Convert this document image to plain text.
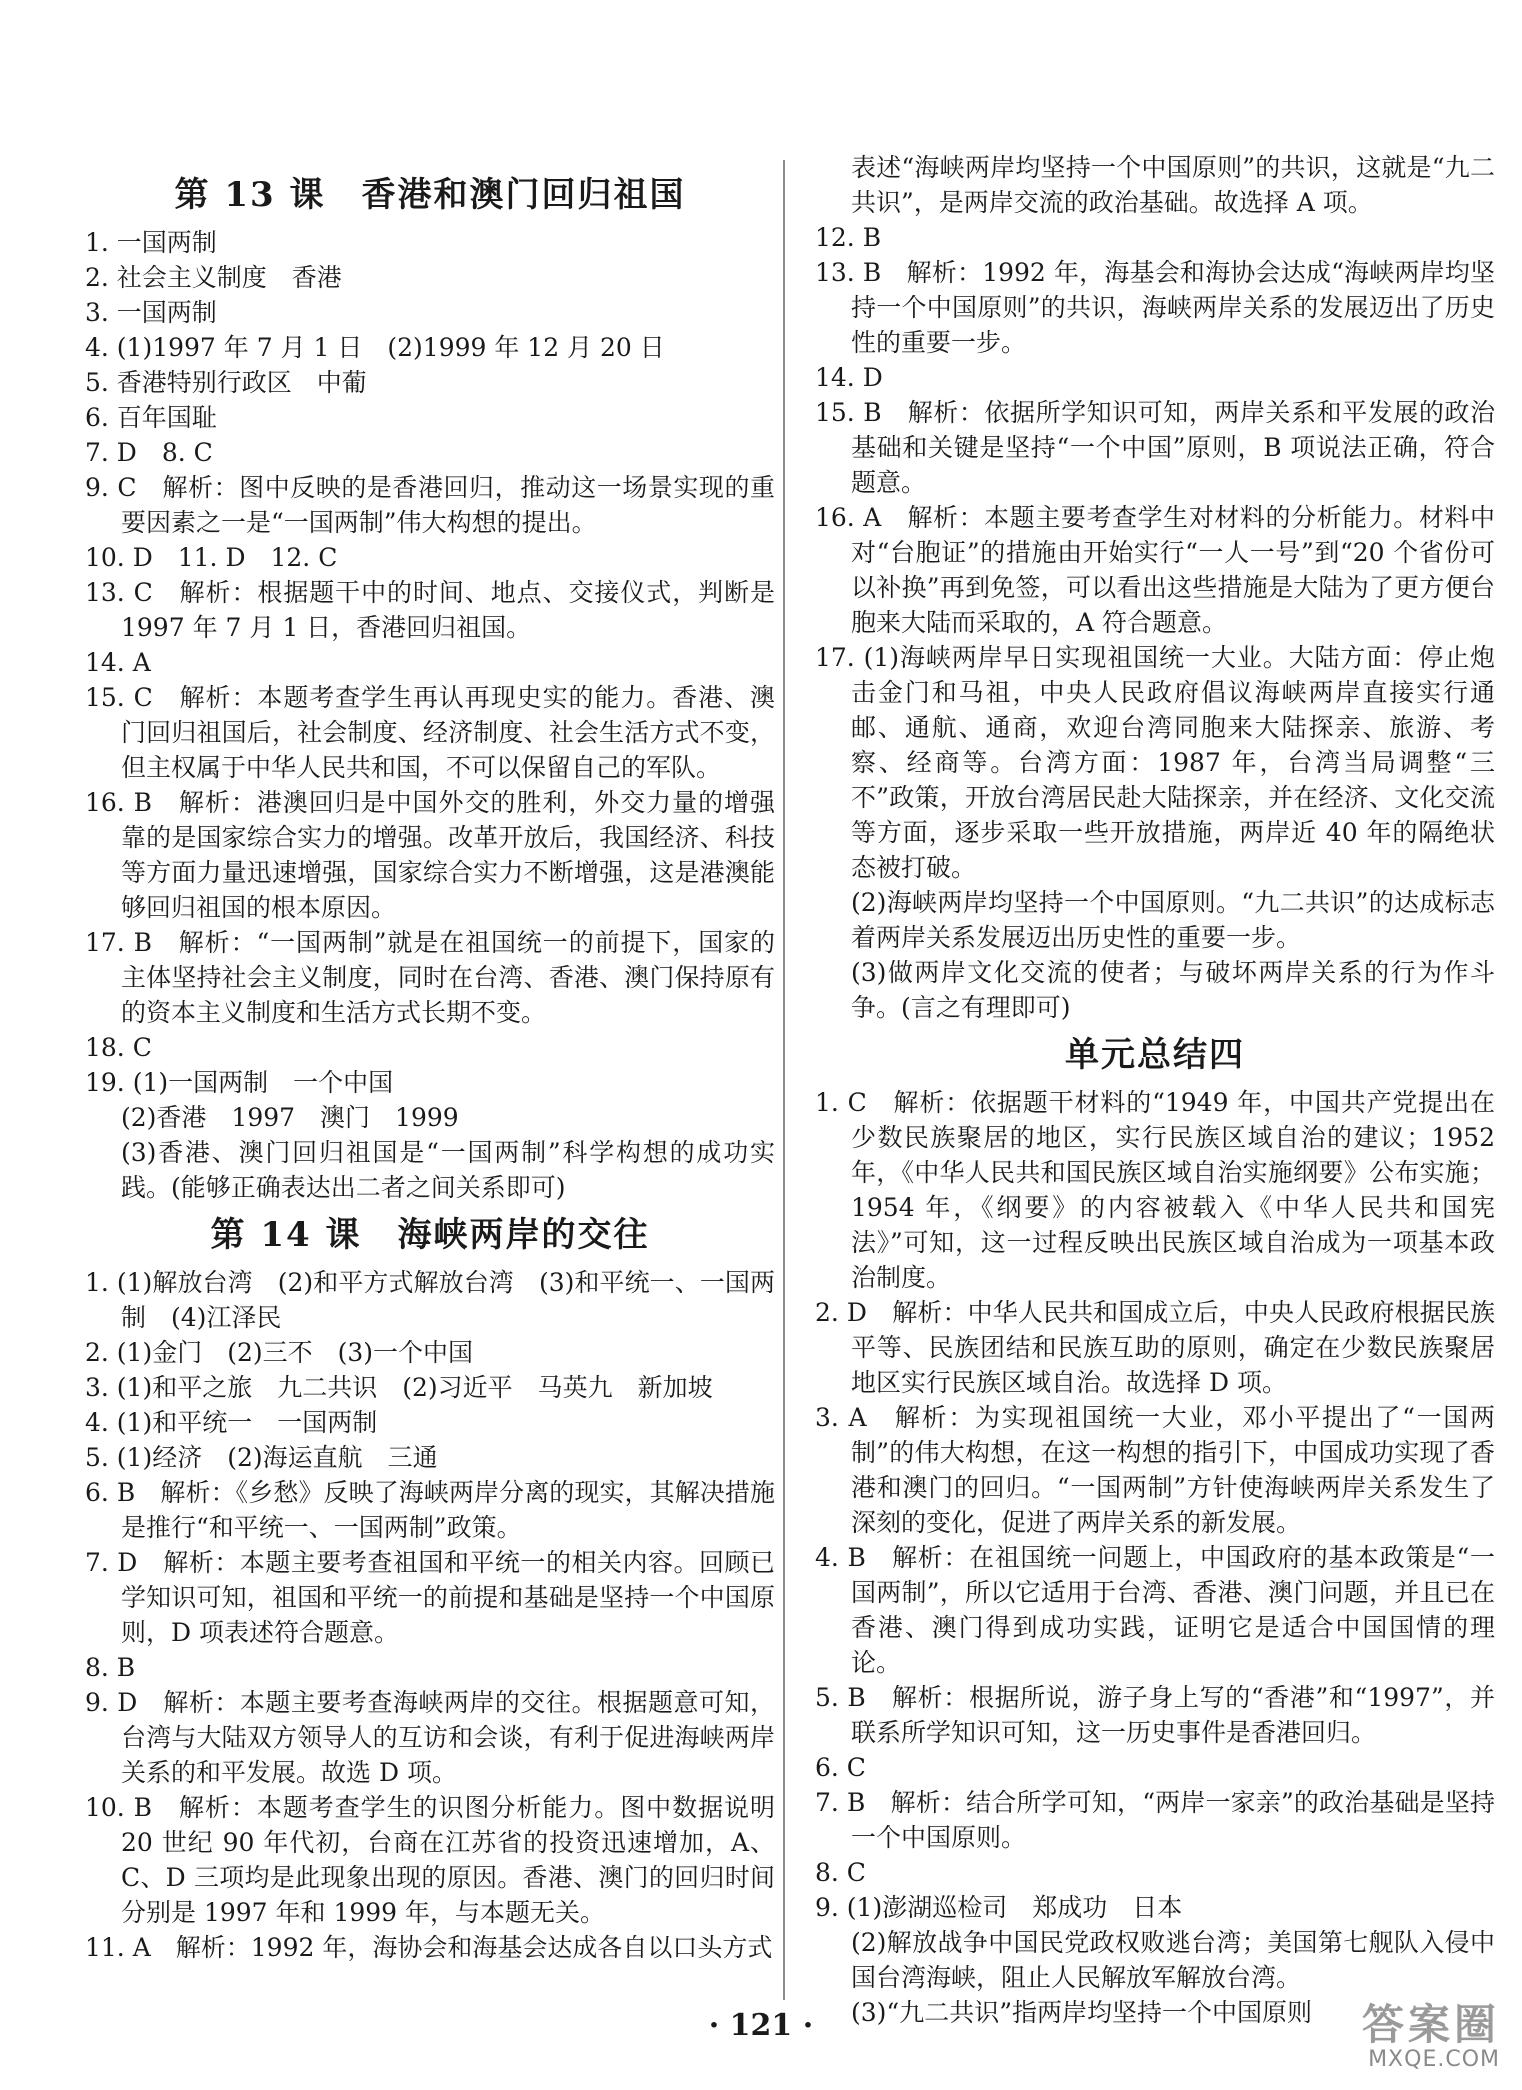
第 13 课　香港和澳门回归祖国

1. 一国两制

2. 社会主义制度　香港

3. 一国两制

4. (1)1997 年 7 月 1 日　(2)1999 年 12 月 20 日

5. 香港特别行政区　中葡

6. 百年国耻

7. D　8. C

9. C　解析：图中反映的是香港回归，推动这一场景实现的重要因素之一是“一国两制”伟大构想的提出。

10. D　11. D　12. C

13. C　解析：根据题干中的时间、地点、交接仪式，判断是 1997 年 7 月 1 日，香港回归祖国。

14. A

15. C　解析：本题考查学生再认再现史实的能力。香港、澳门回归祖国后，社会制度、经济制度、社会生活方式不变，但主权属于中华人民共和国，不可以保留自己的军队。

16. B　解析：港澳回归是中国外交的胜利，外交力量的增强靠的是国家综合实力的增强。改革开放后，我国经济、科技等方面力量迅速增强，国家综合实力不断增强，这是港澳能够回归祖国的根本原因。

17. B　解析：“一国两制”就是在祖国统一的前提下，国家的主体坚持社会主义制度，同时在台湾、香港、澳门保持原有的资本主义制度和生活方式长期不变。

18. C

19. (1)一国两制　一个中国

(2)香港　1997　澳门　1999

(3)香港、澳门回归祖国是“一国两制”科学构想的成功实践。(能够正确表达出二者之间关系即可)

第 14 课　海峡两岸的交往

1. (1)解放台湾　(2)和平方式解放台湾　(3)和平统一、一国两制　(4)江泽民

2. (1)金门　(2)三不　(3)一个中国

3. (1)和平之旅　九二共识　(2)习近平　马英九　新加坡

4. (1)和平统一　一国两制

5. (1)经济　(2)海运直航　三通

6. B　解析：《乡愁》反映了海峡两岸分离的现实，其解决措施是推行“和平统一、一国两制”政策。

7. D　解析：本题主要考查祖国和平统一的相关内容。回顾已学知识可知，祖国和平统一的前提和基础是坚持一个中国原则，D 项表述符合题意。

8. B

9. D　解析：本题主要考查海峡两岸的交往。根据题意可知，台湾与大陆双方领导人的互访和会谈，有利于促进海峡两岸关系的和平发展。故选 D 项。

10. B　解析：本题考查学生的识图分析能力。图中数据说明 20 世纪 90 年代初，台商在江苏省的投资迅速增加，A、C、D 三项均是此现象出现的原因。香港、澳门的回归时间分别是 1997 年和 1999 年，与本题无关。

11. A　解析：1992 年，海协会和海基会达成各自以口头方式

表述“海峡两岸均坚持一个中国原则”的共识，这就是“九二共识”，是两岸交流的政治基础。故选择 A 项。

12. B

13. B　解析：1992 年，海基会和海协会达成“海峡两岸均坚持一个中国原则”的共识，海峡两岸关系的发展迈出了历史性的重要一步。

14. D

15. B　解析：依据所学知识可知，两岸关系和平发展的政治基础和关键是坚持“一个中国”原则，B 项说法正确，符合题意。

16. A　解析：本题主要考查学生对材料的分析能力。材料中对“台胞证”的措施由开始实行“一人一号”到“20 个省份可以补换”再到免签，可以看出这些措施是大陆为了更方便台胞来大陆而采取的，A 符合题意。

17. (1)海峡两岸早日实现祖国统一大业。大陆方面：停止炮击金门和马祖，中央人民政府倡议海峡两岸直接实行通邮、通航、通商，欢迎台湾同胞来大陆探亲、旅游、考察、经商等。台湾方面：1987 年，台湾当局调整“三不”政策，开放台湾居民赴大陆探亲，并在经济、文化交流等方面，逐步采取一些开放措施，两岸近 40 年的隔绝状态被打破。

(2)海峡两岸均坚持一个中国原则。“九二共识”的达成标志着两岸关系发展迈出历史性的重要一步。

(3)做两岸文化交流的使者；与破坏两岸关系的行为作斗争。(言之有理即可)

单元总结四

1. C　解析：依据题干材料的“1949 年，中国共产党提出在少数民族聚居的地区，实行民族区域自治的建议；1952 年，《中华人民共和国民族区域自治实施纲要》公布实施；1954 年，《纲要》的内容被载入《中华人民共和国宪法》”可知，这一过程反映出民族区域自治成为一项基本政治制度。

2. D　解析：中华人民共和国成立后，中央人民政府根据民族平等、民族团结和民族互助的原则，确定在少数民族聚居地区实行民族区域自治。故选择 D 项。

3. A　解析：为实现祖国统一大业，邓小平提出了“一国两制”的伟大构想，在这一构想的指引下，中国成功实现了香港和澳门的回归。“一国两制”方针使海峡两岸关系发生了深刻的变化，促进了两岸关系的新发展。

4. B　解析：在祖国统一问题上，中国政府的基本政策是“一国两制”，所以它适用于台湾、香港、澳门问题，并且已在香港、澳门得到成功实践，证明它是适合中国国情的理论。

5. B　解析：根据所说，游子身上写的“香港”和“1997”，并联系所学知识可知，这一历史事件是香港回归。

6. C

7. B　解析：结合所学可知，“两岸一家亲”的政治基础是坚持一个中国原则。

8. C

9. (1)澎湖巡检司　郑成功　日本

(2)解放战争中国民党政权败逃台湾；美国第七舰队入侵中国台湾海峡，阻止人民解放军解放台湾。

(3)“九二共识”指两岸均坚持一个中国原则

· 121 ·	答案圈
MXQE.COM
